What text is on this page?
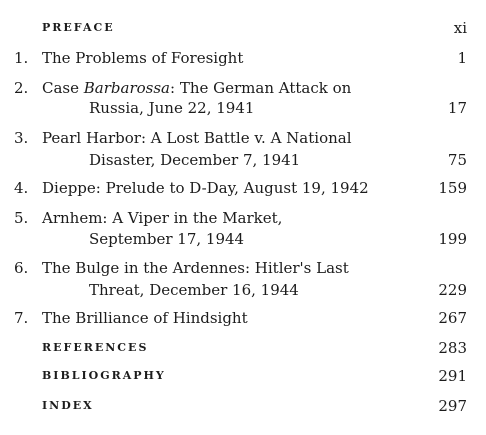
PREFACE	xi
1. The Problems of Foresight	1
2. Case Barbarossa: The German Attack on
Russia, June 22, 1941	17
3. Pearl Harbor: A Lost Battle v. A National
Disaster, December 7, 1941	75
4. Dieppe: Prelude to D-Day, August 19, 1942	159
5. Arnhem: A Viper in the Market,
September 17, 1944	199
6. The Bulge in the Ardennes: Hitler's Last
Threat, December 16, 1944	229
7. The Brilliance of Hindsight	267
REFERENCES	283
BIBLIOGRAPHY	291
INDEX	297
